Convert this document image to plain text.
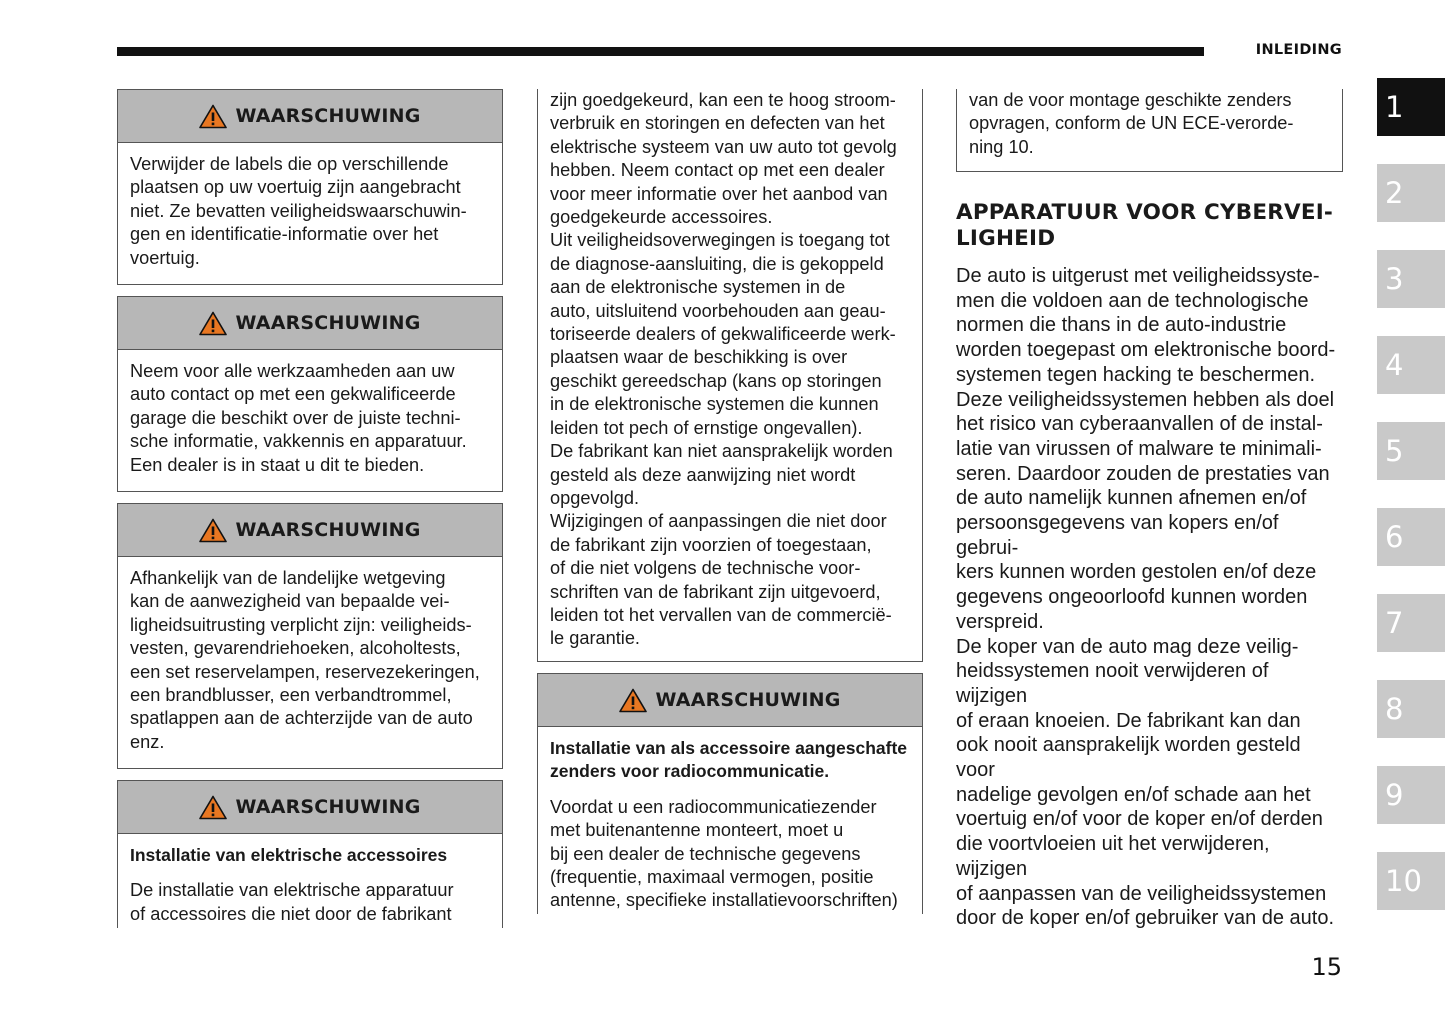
INLEIDING
WAARSCHUWING

Verwijder de labels die op verschillende

plaatsen op uw voertuig zijn aangebracht

niet. Ze bevatten veiligheidswaarschuwin-

gen en identificatie-informatie over het

voertuig.

WAARSCHUWING

Neem voor alle werkzaamheden aan uw

auto contact op met een gekwalificeerde

garage die beschikt over de juiste techni-

sche informatie, vakkennis en apparatuur.

Een dealer is in staat u dit te bieden.

WAARSCHUWING

Afhankelijk van de landelijke wetgeving

kan de aanwezigheid van bepaalde vei-

ligheidsuitrusting verplicht zijn: veiligheids-

vesten, gevarendriehoeken, alcoholtests,

een set reservelampen, reservezekeringen,

een brandblusser, een verbandtrommel,

spatlappen aan de achterzijde van de auto

enz.

WAARSCHUWING

Installatie van elektrische accessoires

De installatie van elektrische apparatuur

of accessoires die niet door de fabrikant

zijn goedgekeurd, kan een te hoog stroom-

verbruik en storingen en defecten van het

elektrische systeem van uw auto tot gevolg

hebben. Neem contact op met een dealer

voor meer informatie over het aanbod van

goedgekeurde accessoires.

Uit veiligheidsoverwegingen is toegang tot

de diagnose-aansluiting, die is gekoppeld

aan de elektronische systemen in de

auto, uitsluitend voorbehouden aan geau-

toriseerde dealers of gekwalificeerde werk-

plaatsen waar de beschikking is over

geschikt gereedschap (kans op storingen

in de elektronische systemen die kunnen

leiden tot pech of ernstige ongevallen).

De fabrikant kan niet aansprakelijk worden

gesteld als deze aanwijzing niet wordt

opgevolgd.

Wijzigingen of aanpassingen die niet door

de fabrikant zijn voorzien of toegestaan,

of die niet volgens de technische voor-

schriften van de fabrikant zijn uitgevoerd,

leiden tot het vervallen van de commercië-

le garantie.

WAARSCHUWING

Installatie van als accessoire aangeschafte

zenders voor radiocommunicatie.

Voordat u een radiocommunicatiezender

met buitenantenne monteert, moet u

bij een dealer de technische gegevens

(frequentie, maximaal vermogen, positie

antenne, specifieke installatievoorschriften)

van de voor montage geschikte zenders

opvragen, conform de UN ECE-verorde-

ning 10.

APPARATUUR VOOR CYBERVEI-
LIGHEID

De auto is uitgerust met veiligheidssyste-

men die voldoen aan de technologische

normen die thans in de auto-industrie

worden toegepast om elektronische boord-

systemen tegen hacking te beschermen.

Deze veiligheidssystemen hebben als doel

het risico van cyberaanvallen of de instal-

latie van virussen of malware te minimali-

seren. Daardoor zouden de prestaties van

de auto namelijk kunnen afnemen en/of

persoonsgegevens van kopers en/of gebrui-

kers kunnen worden gestolen en/of deze

gegevens ongeoorloofd kunnen worden

verspreid.

De koper van de auto mag deze veilig-

heidssystemen nooit verwijderen of wijzigen

of eraan knoeien. De fabrikant kan dan

ook nooit aansprakelijk worden gesteld voor

nadelige gevolgen en/of schade aan het

voertuig en/of voor de koper en/of derden

die voortvloeien uit het verwijderen, wijzigen

of aanpassen van de veiligheidssystemen

door de koper en/of gebruiker van de auto.

1
2
3
4
5
6
7
8
9
10
15
